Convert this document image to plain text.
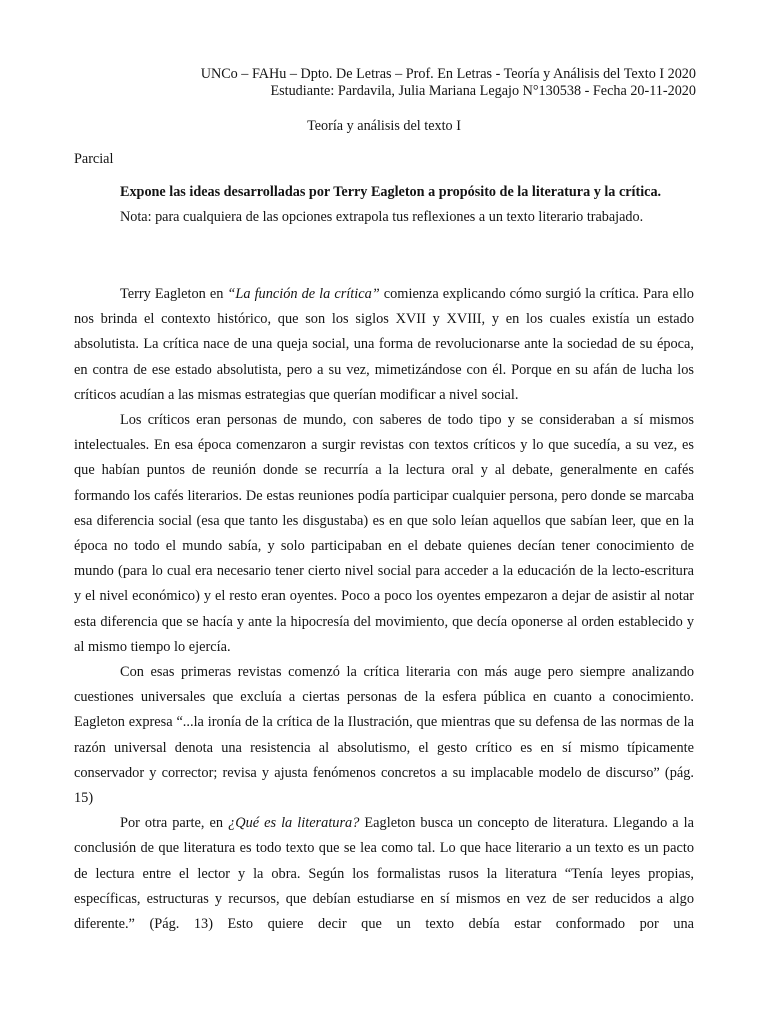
UNCo – FAHu – Dpto. De Letras – Prof. En Letras - Teoría y Análisis del Texto I 2020
Estudiante: Pardavila, Julia Mariana Legajo N°130538 - Fecha 20-11-2020
Teoría y análisis del texto I
Parcial
Expone las ideas desarrolladas por Terry Eagleton a propósito de la literatura y la crítica.
Nota: para cualquiera de las opciones extrapola tus reflexiones a un texto literario trabajado.

Terry Eagleton en “La función de la crítica” comienza explicando cómo surgió la crítica. Para ello nos brinda el contexto histórico, que son los siglos XVII y XVIII, y en los cuales existía un estado absolutista. La crítica nace de una queja social, una forma de revolucionarse ante la sociedad de su época, en contra de ese estado absolutista, pero a su vez, mimetizándose con él. Porque en su afán de lucha los críticos acudían a las mismas estrategias que querían modificar a nivel social.

Los críticos eran personas de mundo, con saberes de todo tipo y se consideraban a sí mismos intelectuales. En esa época comenzaron a surgir revistas con textos críticos y lo que sucedía, a su vez, es que habían puntos de reunión donde se recurría a la lectura oral y al debate, generalmente en cafés formando los cafés literarios. De estas reuniones podía participar cualquier persona, pero donde se marcaba esa diferencia social (esa que tanto les disgustaba) es en que solo leían aquellos que sabían leer, que en la época no todo el mundo sabía, y solo participaban en el debate quienes decían tener conocimiento de mundo (para lo cual era necesario tener cierto nivel social para acceder a la educación de la lecto-escritura y el nivel económico) y el resto eran oyentes. Poco a poco los oyentes empezaron a dejar de asistir al notar esta diferencia que se hacía y ante la hipocresía del movimiento, que decía oponerse al orden establecido y al mismo tiempo lo ejercía.

Con esas primeras revistas comenzó la crítica literaria con más auge pero siempre analizando cuestiones universales que excluía a ciertas personas de la esfera pública en cuanto a conocimiento. Eagleton expresa “...la ironía de la crítica de la Ilustración, que mientras que su defensa de las normas de la razón universal denota una resistencia al absolutismo, el gesto crítico es en sí mismo típicamente conservador y corrector; revisa y ajusta fenómenos concretos a su implacable modelo de discurso” (pág. 15)

Por otra parte, en ¿Qué es la literatura? Eagleton busca un concepto de literatura. Llegando a la conclusión de que literatura es todo texto que se lea como tal. Lo que hace literario a un texto es un pacto de lectura entre el lector y la obra. Según los formalistas rusos la literatura “Tenía leyes propias, específicas, estructuras y recursos, que debían estudiarse en sí mismos en vez de ser reducidos a algo diferente.” (Pág. 13) Esto quiere decir que un texto debía estar conformado por una
